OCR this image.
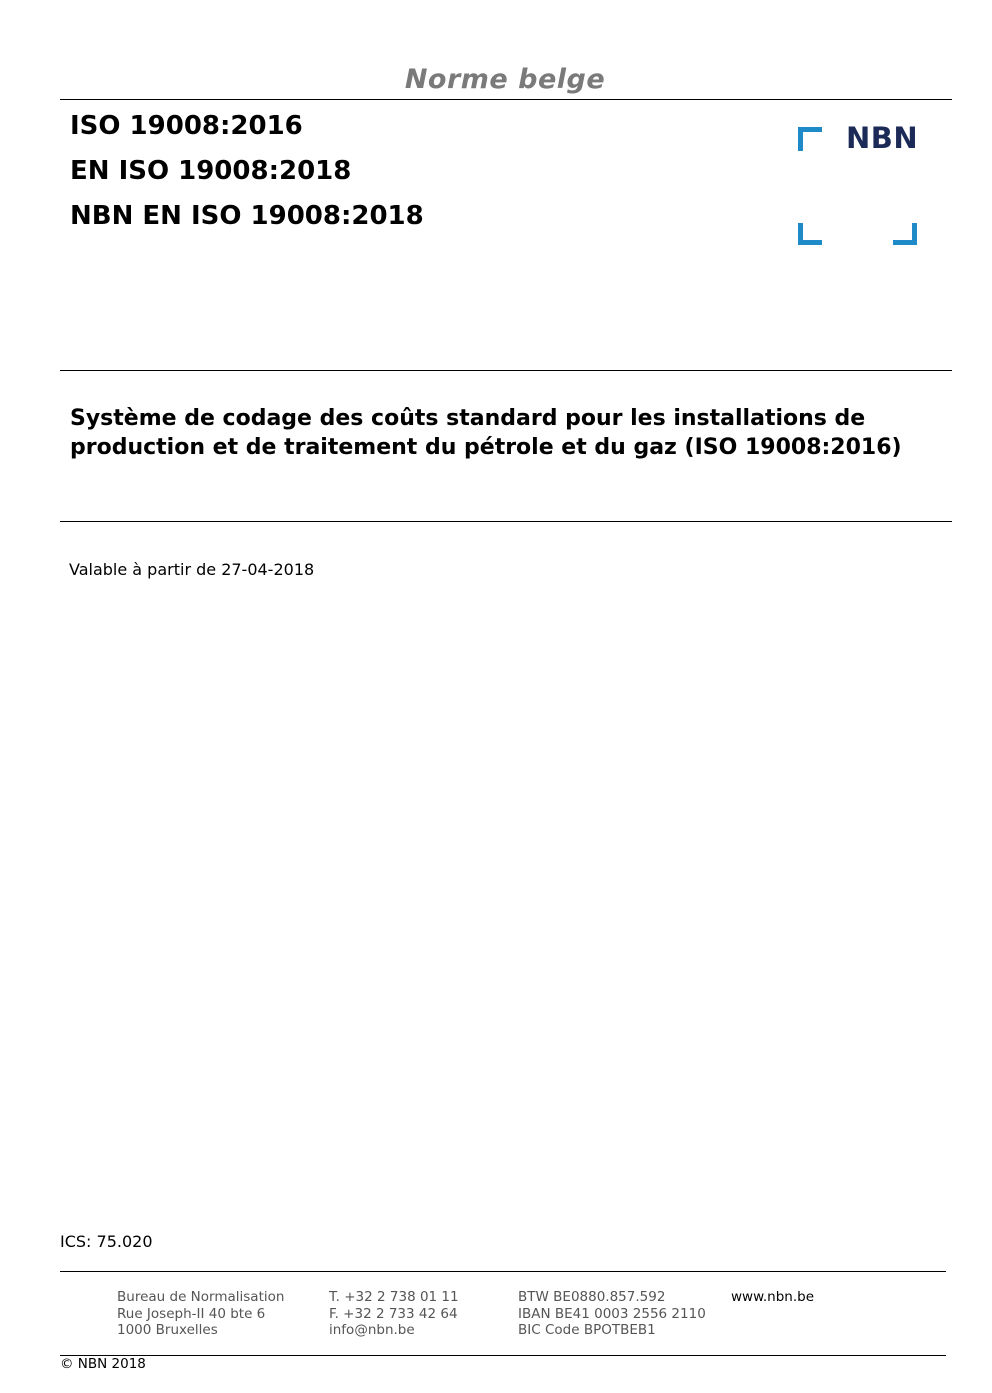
Norme belge
ISO 19008:2016
EN ISO 19008:2018
NBN EN ISO 19008:2018
NBN
Système de codage des coûts standard pour les installations de production et de traitement du pétrole et du gaz (ISO 19008:2016)
Valable à partir de 27-04-2018
ICS: 75.020
Bureau de Normalisation
Rue Joseph-II 40 bte 6
1000 Bruxelles
T. +32 2 738 01 11
F. +32 2 733 42 64
info@nbn.be
BTW BE0880.857.592
IBAN BE41 0003 2556 2110
BIC Code BPOTBEB1
www.nbn.be
© NBN 2018
